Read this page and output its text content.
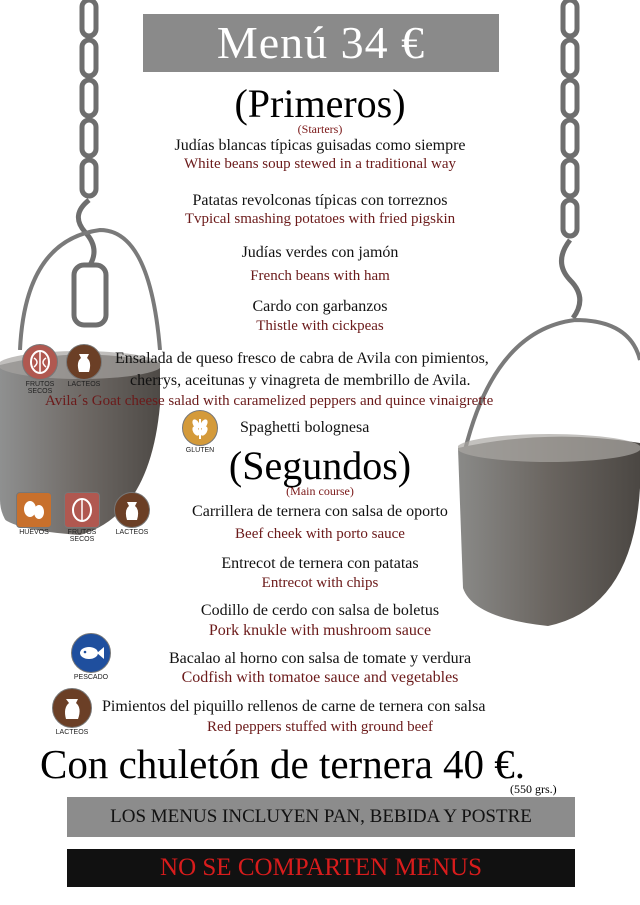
Menú 34 €
(Primeros)
(Starters)
Judías blancas típicas guisadas como siempre
White beans soup stewed in a traditional way
Patatas revolconas típicas con torreznos
Tvpical smashing potatoes with fried pigskin
Judías verdes con jamón
French beans with ham
Cardo con garbanzos
Thistle with cickpeas
Ensalada de queso fresco de cabra de Avila con pimientos,
cherrys, aceitunas y vinagreta de membrillo de Avila.
Avila´s Goat cheese salad with caramelized peppers and quince vinaigrette
Spaghetti bolognesa
FRUTOS SECOS
LACTEOS
GLUTEN (Segundos)
(Main course)
Carrillera de ternera con salsa de oporto
Beef cheek with porto sauce
Entrecot de ternera con patatas
Entrecot with chips
Codillo de cerdo con salsa de boletus
Pork knukle with mushroom sauce
Bacalao al horno con salsa de tomate y verdura
Codfish with tomatoe sauce and vegetables
Pimientos del piquillo rellenos de carne de ternera con salsa
Red peppers stuffed with ground beef
HUEVOS	FRUTOS SECOS
LACTEOS
PESCADO
LACTEOS
Con chuletón de ternera 40 €.
(550 grs.)
LOS MENUS INCLUYEN PAN, BEBIDA Y POSTRE
NO SE COMPARTEN MENUS
